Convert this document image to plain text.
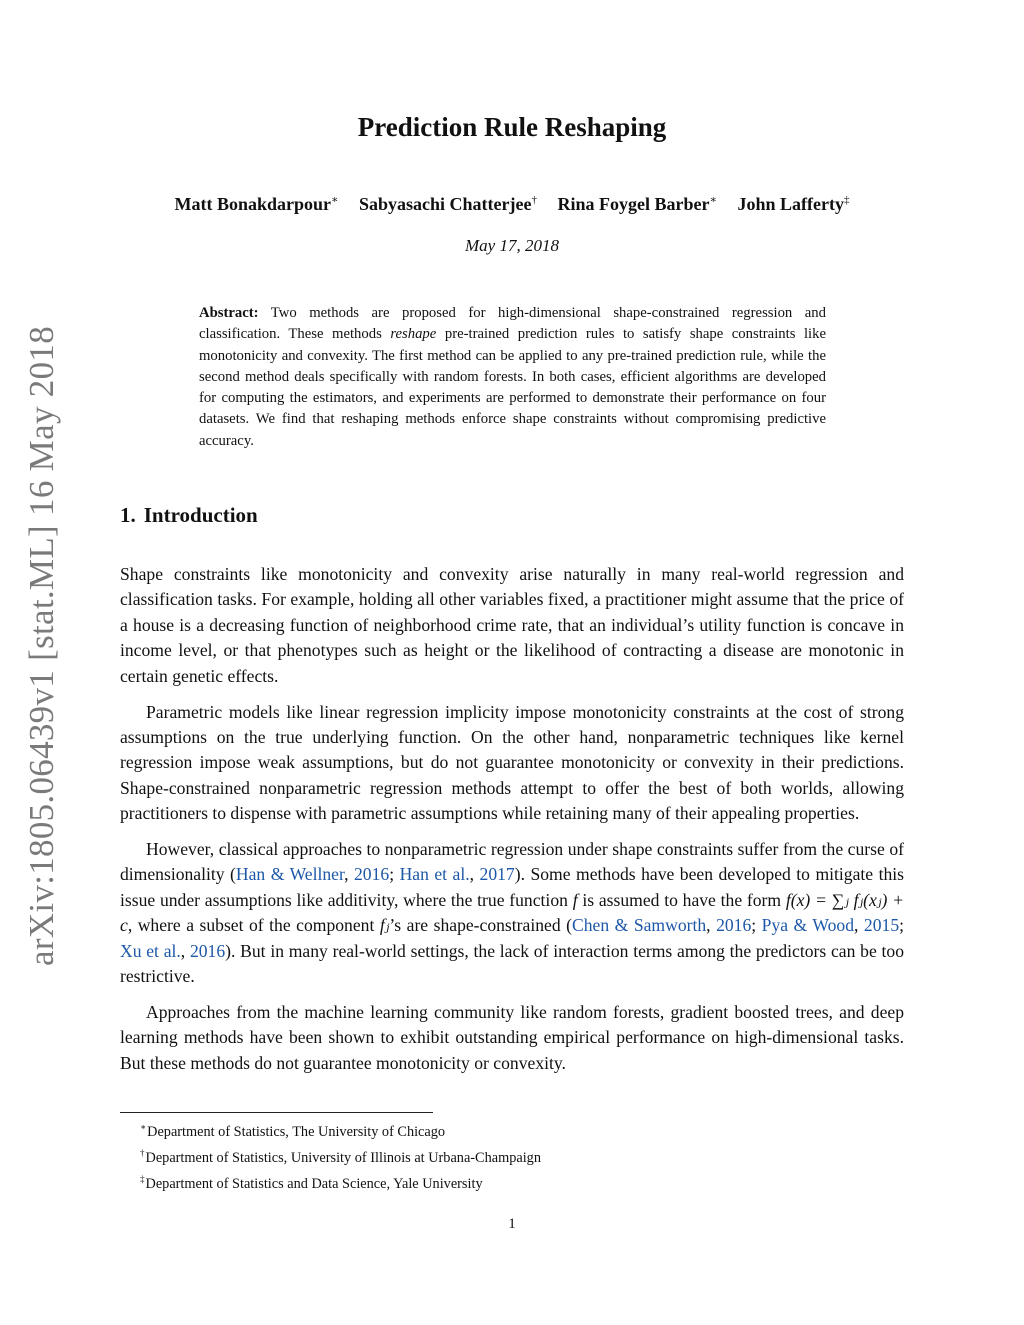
arXiv:1805.06439v1 [stat.ML] 16 May 2018
Prediction Rule Reshaping
Matt Bonakdarpour∗ Sabyasachi Chatterjee† Rina Foygel Barber∗ John Lafferty‡
May 17, 2018
Abstract: Two methods are proposed for high-dimensional shape-constrained regression and classification. These methods reshape pre-trained prediction rules to satisfy shape constraints like monotonicity and convexity. The first method can be applied to any pre-trained prediction rule, while the second method deals specifically with random forests. In both cases, efficient algorithms are developed for computing the estimators, and experiments are performed to demonstrate their performance on four datasets. We find that reshaping methods enforce shape constraints without compromising predictive accuracy.
1. Introduction

Shape constraints like monotonicity and convexity arise naturally in many real-world regression and classification tasks. For example, holding all other variables fixed, a practitioner might assume that the price of a house is a decreasing function of neighborhood crime rate, that an individual’s utility function is concave in income level, or that phenotypes such as height or the likelihood of contracting a disease are monotonic in certain genetic effects.

Parametric models like linear regression implicity impose monotonicity constraints at the cost of strong assumptions on the true underlying function. On the other hand, nonparametric techniques like kernel regression impose weak assumptions, but do not guarantee monotonicity or convexity in their predictions. Shape-constrained nonparametric regression methods attempt to offer the best of both worlds, allowing practitioners to dispense with parametric assumptions while retaining many of their appealing properties.

However, classical approaches to nonparametric regression under shape constraints suffer from the curse of dimensionality (Han & Wellner, 2016; Han et al., 2017). Some methods have been developed to mitigate this issue under assumptions like additivity, where the true function f is assumed to have the form f(x) = ∑ⱼ fⱼ(xⱼ) + c, where a subset of the component fⱼ’s are shape-constrained (Chen & Samworth, 2016; Pya & Wood, 2015; Xu et al., 2016). But in many real-world settings, the lack of interaction terms among the predictors can be too restrictive.

Approaches from the machine learning community like random forests, gradient boosted trees, and deep learning methods have been shown to exhibit outstanding empirical performance on high-dimensional tasks. But these methods do not guarantee monotonicity or convexity.

∗Department of Statistics, The University of Chicago
†Department of Statistics, University of Illinois at Urbana-Champaign
‡Department of Statistics and Data Science, Yale University
1
